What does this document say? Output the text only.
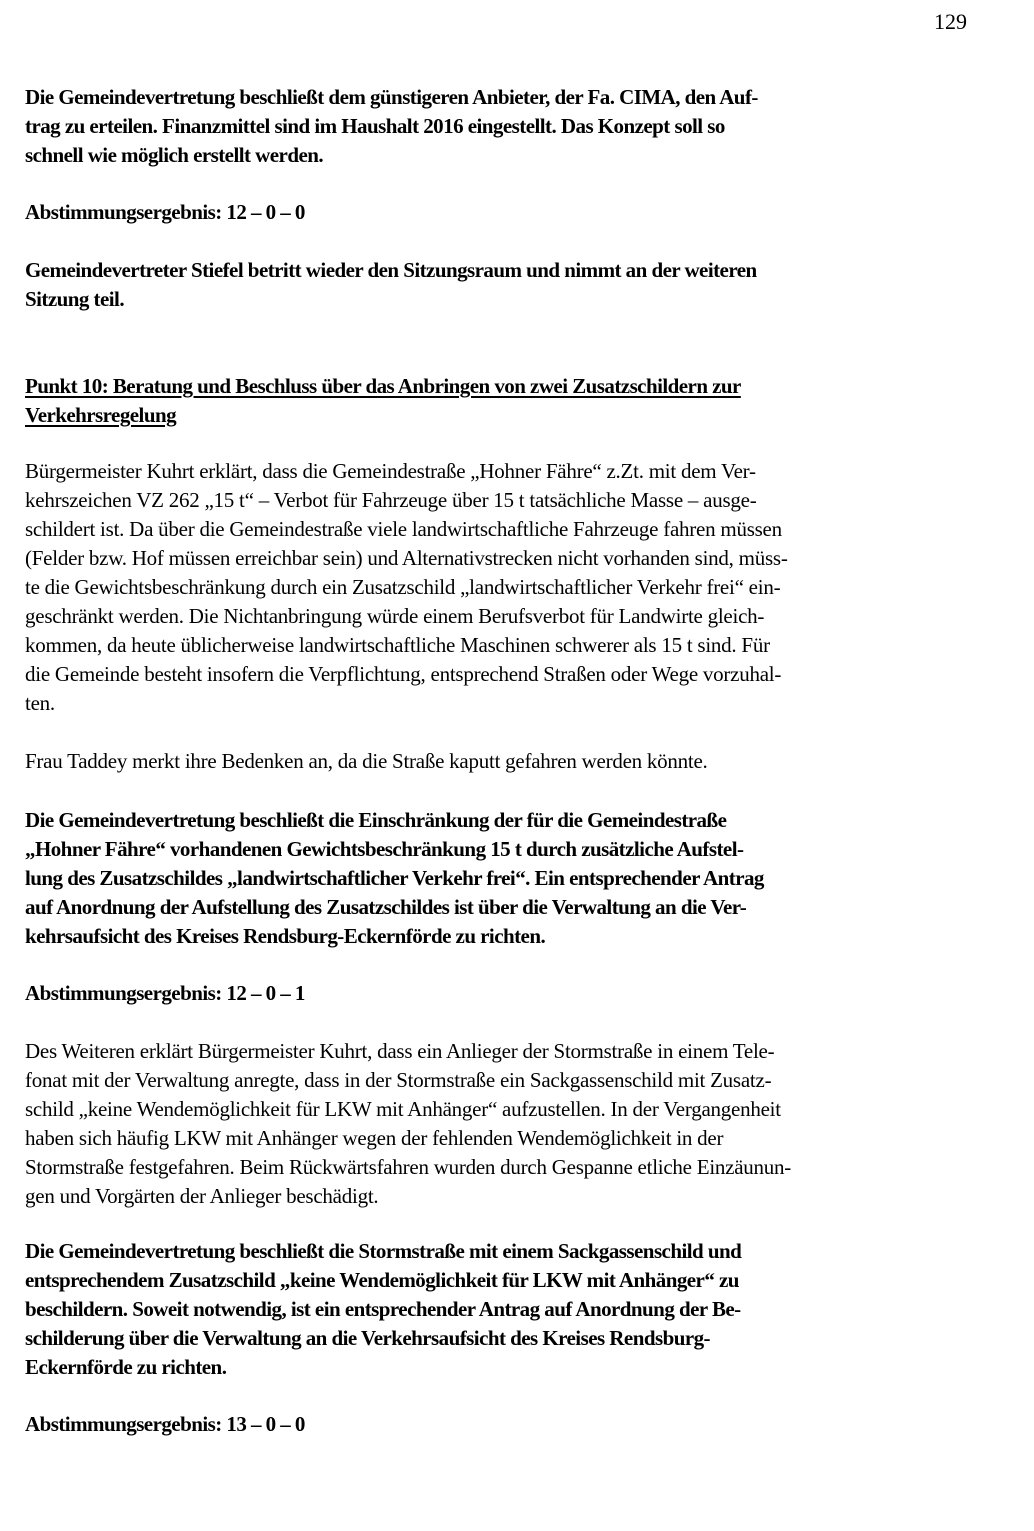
129
Die Gemeindevertretung beschließt dem günstigeren Anbieter, der Fa. CIMA, den Auf-
trag zu erteilen. Finanzmittel sind im Haushalt 2016 eingestellt. Das Konzept soll so
schnell wie möglich erstellt werden.
Abstimmungsergebnis: 12 – 0 – 0
Gemeindevertreter Stiefel betritt wieder den Sitzungsraum und nimmt an der weiteren
Sitzung teil.
Punkt 10: Beratung und Beschluss über das Anbringen von zwei Zusatzschildern zur
Verkehrsregelung
Bürgermeister Kuhrt erklärt, dass die Gemeindestraße „Hohner Fähre“ z.Zt. mit dem Ver-
kehrszeichen VZ 262 „15 t“ – Verbot für Fahrzeuge über 15 t tatsächliche Masse – ausge-
schildert ist. Da über die Gemeindestraße viele landwirtschaftliche Fahrzeuge fahren müssen
(Felder bzw. Hof müssen erreichbar sein) und Alternativstrecken nicht vorhanden sind, müss-
te die Gewichtsbeschränkung durch ein Zusatzschild „landwirtschaftlicher Verkehr frei“ ein-
geschränkt werden. Die Nichtanbringung würde einem Berufsverbot für Landwirte gleich-
kommen, da heute üblicherweise landwirtschaftliche Maschinen schwerer als 15 t sind. Für
die Gemeinde besteht insofern die Verpflichtung, entsprechend Straßen oder Wege vorzuhal-
ten.
Frau Taddey merkt ihre Bedenken an, da die Straße kaputt gefahren werden könnte.
Die Gemeindevertretung beschließt die Einschränkung der für die Gemeindestraße
„Hohner Fähre“ vorhandenen Gewichtsbeschränkung 15 t durch zusätzliche Aufstel-
lung des Zusatzschildes „landwirtschaftlicher Verkehr frei“. Ein entsprechender Antrag
auf Anordnung der Aufstellung des Zusatzschildes ist über die Verwaltung an die Ver-
kehrsaufsicht des Kreises Rendsburg-Eckernförde zu richten.
Abstimmungsergebnis: 12 – 0 – 1
Des Weiteren erklärt Bürgermeister Kuhrt, dass ein Anlieger der Stormstraße in einem Tele-
fonat mit der Verwaltung anregte, dass in der Stormstraße ein Sackgassenschild mit Zusatz-
schild „keine Wendemöglichkeit für LKW mit Anhänger“ aufzustellen. In der Vergangenheit
haben sich häufig LKW mit Anhänger wegen der fehlenden Wendemöglichkeit in der
Stormstraße festgefahren. Beim Rückwärtsfahren wurden durch Gespanne etliche Einzäunun-
gen und Vorgärten der Anlieger beschädigt.
Die Gemeindevertretung beschließt die Stormstraße mit einem Sackgassenschild und
entsprechendem Zusatzschild „keine Wendemöglichkeit für LKW mit Anhänger“ zu
beschildern. Soweit notwendig, ist ein entsprechender Antrag auf Anordnung der Be-
schilderung über die Verwaltung an die Verkehrsaufsicht des Kreises Rendsburg-
Eckernförde zu richten.
Abstimmungsergebnis: 13 – 0 – 0
